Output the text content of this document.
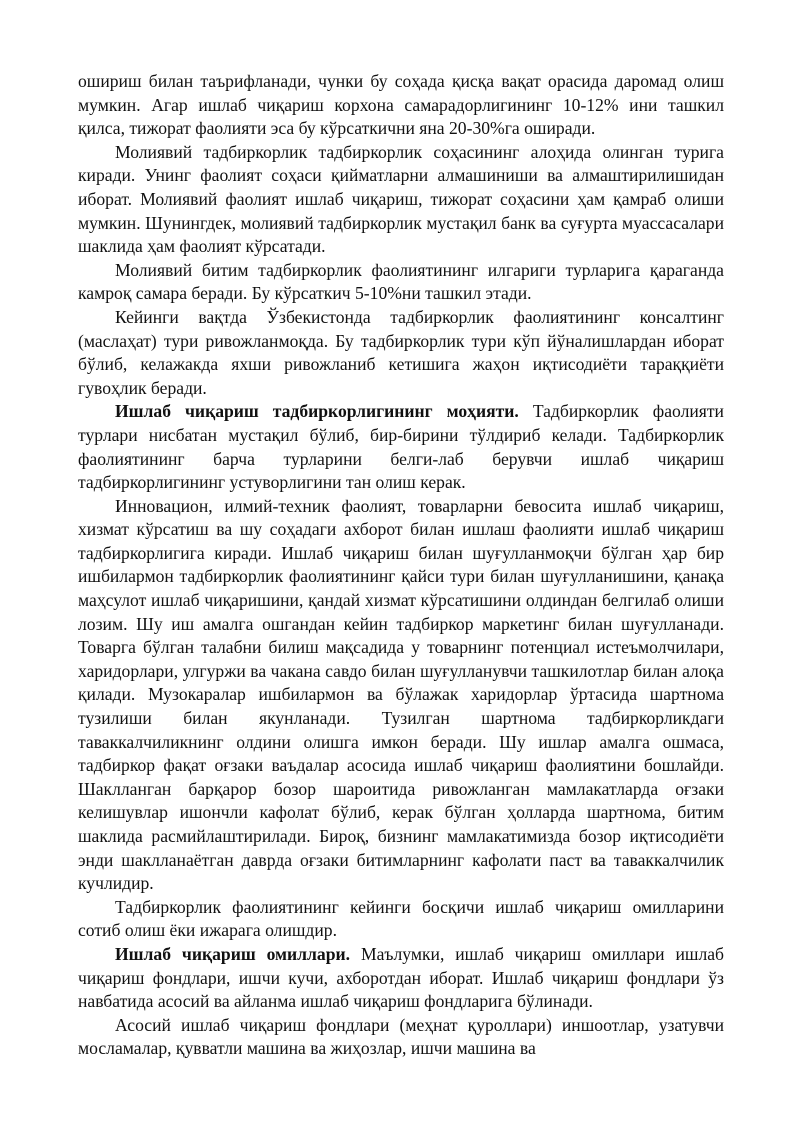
ошириш билан таърифланади, чунки бу соҳада қисқа вақат орасида даромад олиш мумкин. Агар ишлаб чиқариш корхона самарадорлигининг 10-12% ини ташкил қилса, тижорат фаолияти эса бу кўрсаткични яна 20-30%га оширади.

Молиявий тадбиркорлик тадбиркорлик соҳасининг алоҳида олинган турига киради. Унинг фаолият соҳаси қийматларни алмашиниши ва алмаштирилишидан иборат. Молиявий фаолият ишлаб чиқариш, тижорат соҳасини ҳам қамраб олиши мумкин. Шунингдек, молиявий тадбиркорлик мустақил банк ва суғурта муассасалари шаклида ҳам фаолият кўрсатади.

Молиявий битим тадбиркорлик фаолиятининг илгариги турларига қараганда камроқ самара беради. Бу кўрсаткич 5-10%ни ташкил этади.

Кейинги вақтда Ўзбекистонда тадбиркорлик фаолиятининг консалтинг (маслаҳат) тури ривожланмоқда. Бу тадбиркорлик тури кўп йўналишлардан иборат бўлиб, келажакда яхши ривожланиб кетишига жаҳон иқтисодиёти тараққиёти гувоҳлик беради.

Ишлаб чиқариш тадбиркорлигининг моҳияти. Тадбиркорлик фаолияти турлари нисбатан мустақил бўлиб, бир-бирини тўлдириб келади. Тадбиркорлик фаолиятининг барча турларини белги-лаб берувчи ишлаб чиқариш тадбиркорлигининг устуворлигини тан олиш керак.

Инновацион, илмий-техник фаолият, товарларни бевосита ишлаб чиқариш, хизмат кўрсатиш ва шу соҳадаги ахборот билан ишлаш фаолияти ишлаб чиқариш тадбиркорлигига киради. Ишлаб чиқариш билан шуғулланмоқчи бўлган ҳар бир ишбилармон тадбиркорлик фаолиятининг қайси тури билан шуғулланишини, қанақа маҳсулот ишлаб чиқаришини, қандай хизмат кўрсатишини олдиндан белгилаб олиши лозим. Шу иш амалга ошгандан кейин тадбиркор маркетинг билан шуғулланади. Товарга бўлган талабни билиш мақсадида у товарнинг потенциал истеъмолчилари, харидорлари, улгуржи ва чакана савдо билан шуғулланувчи ташкилотлар билан алоқа қилади. Музокаралар ишбилармон ва бўлажак харидорлар ўртасида шартнома тузилиши билан якунланади. Тузилган шартнома тадбиркорликдаги таваккалчиликнинг олдини олишга имкон беради. Шу ишлар амалга ошмаса, тадбиркор фақат оғзаки ваъдалар асосида ишлаб чиқариш фаолиятини бошлайди. Шаклланган барқарор бозор шароитида ривожланган мамлакатларда оғзаки келишувлар ишончли кафолат бўлиб, керак бўлган ҳолларда шартнома, битим шаклида расмийлаштирилади. Бироқ, бизнинг мамлакатимизда бозор иқтисодиёти энди шаклланаётган даврда оғзаки битимларнинг кафолати паст ва таваккалчилик кучлидир.

Тадбиркорлик фаолиятининг кейинги босқичи ишлаб чиқариш омилларини сотиб олиш ёки ижарага олишдир.

Ишлаб чиқариш омиллари. Маълумки, ишлаб чиқариш омиллари ишлаб чиқариш фондлари, ишчи кучи, ахборотдан иборат. Ишлаб чиқариш фондлари ўз навбатида асосий ва айланма ишлаб чиқариш фондларига бўлинади.

Асосий ишлаб чиқариш фондлари (меҳнат қуроллари) иншоотлар, узатувчи мосламалар, қувватли машина ва жиҳозлар, ишчи машина ва
